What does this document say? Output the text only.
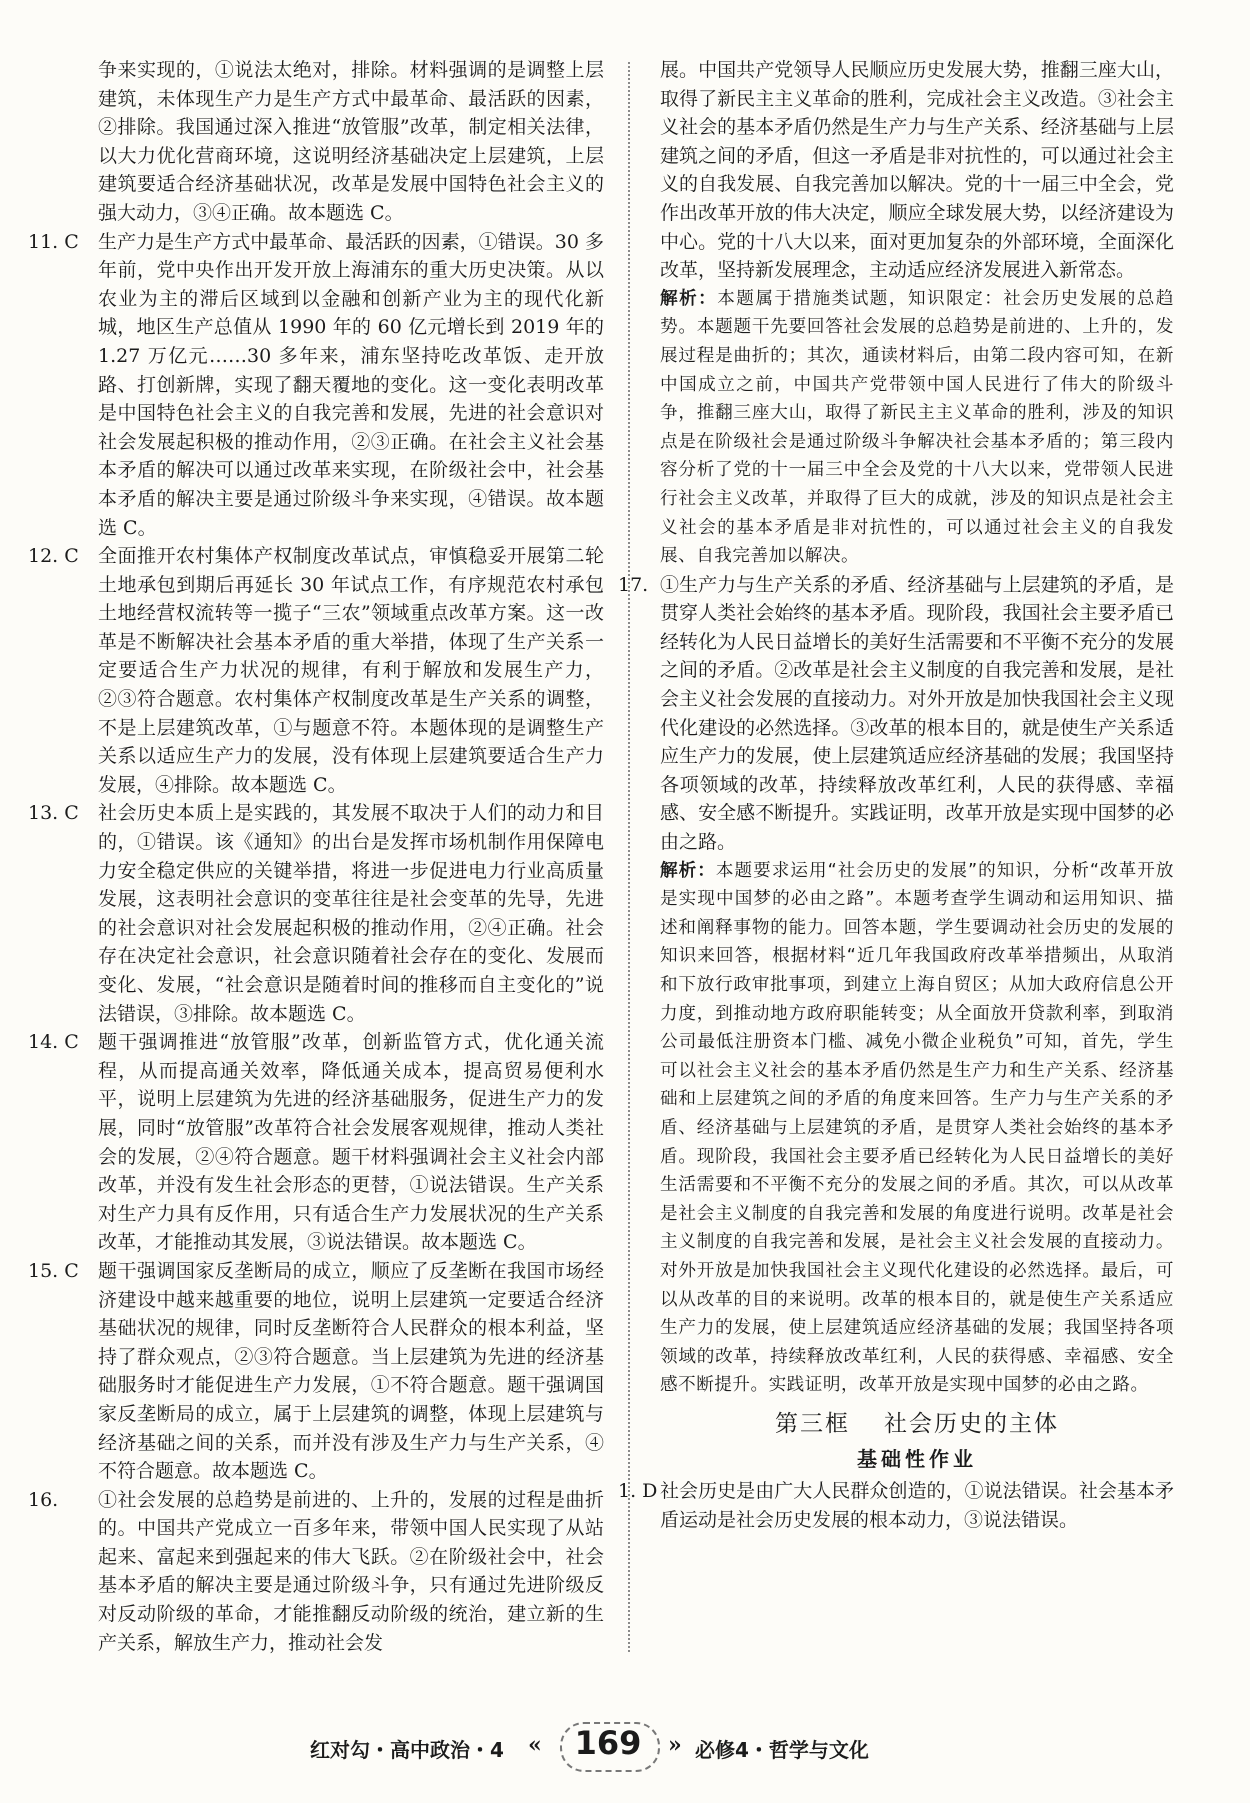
争来实现的，①说法太绝对，排除。材料强调的是调整上层建筑，未体现生产力是生产方式中最革命、最活跃的因素，②排除。我国通过深入推进“放管服”改革，制定相关法律，以大力优化营商环境，这说明经济基础决定上层建筑，上层建筑要适合经济基础状况，改革是发展中国特色社会主义的强大动力，③④正确。故本题选 C。
11. C	生产力是生产方式中最革命、最活跃的因素，①错误。30 多年前，党中央作出开发开放上海浦东的重大历史决策。从以农业为主的滞后区域到以金融和创新产业为主的现代化新城，地区生产总值从 1990 年的 60 亿元增长到 2019 年的 1.27 万亿元……30 多年来，浦东坚持吃改革饭、走开放路、打创新牌，实现了翻天覆地的变化。这一变化表明改革是中国特色社会主义的自我完善和发展，先进的社会意识对社会发展起积极的推动作用，②③正确。在社会主义社会基本矛盾的解决可以通过改革来实现，在阶级社会中，社会基本矛盾的解决主要是通过阶级斗争来实现，④错误。故本题选 C。
12. C	全面推开农村集体产权制度改革试点，审慎稳妥开展第二轮土地承包到期后再延长 30 年试点工作，有序规范农村承包土地经营权流转等一揽子“三农”领域重点改革方案。这一改革是不断解决社会基本矛盾的重大举措，体现了生产关系一定要适合生产力状况的规律，有利于解放和发展生产力，②③符合题意。农村集体产权制度改革是生产关系的调整，不是上层建筑改革，①与题意不符。本题体现的是调整生产关系以适应生产力的发展，没有体现上层建筑要适合生产力发展，④排除。故本题选 C。
13. C	社会历史本质上是实践的，其发展不取决于人们的动力和目的，①错误。该《通知》的出台是发挥市场机制作用保障电力安全稳定供应的关键举措，将进一步促进电力行业高质量发展，这表明社会意识的变革往往是社会变革的先导，先进的社会意识对社会发展起积极的推动作用，②④正确。社会存在决定社会意识，社会意识随着社会存在的变化、发展而变化、发展，“社会意识是随着时间的推移而自主变化的”说法错误，③排除。故本题选 C。
14. C	题干强调推进“放管服”改革，创新监管方式，优化通关流程，从而提高通关效率，降低通关成本，提高贸易便利水平，说明上层建筑为先进的经济基础服务，促进生产力的发展，同时“放管服”改革符合社会发展客观规律，推动人类社会的发展，②④符合题意。题干材料强调社会主义社会内部改革，并没有发生社会形态的更替，①说法错误。生产关系对生产力具有反作用，只有适合生产力发展状况的生产关系改革，才能推动其发展，③说法错误。故本题选 C。
15. C	题干强调国家反垄断局的成立，顺应了反垄断在我国市场经济建设中越来越重要的地位，说明上层建筑一定要适合经济基础状况的规律，同时反垄断符合人民群众的根本利益，坚持了群众观点，②③符合题意。当上层建筑为先进的经济基础服务时才能促进生产力发展，①不符合题意。题干强调国家反垄断局的成立，属于上层建筑的调整，体现上层建筑与经济基础之间的关系，而并没有涉及生产力与生产关系，④不符合题意。故本题选 C。
16.	①社会发展的总趋势是前进的、上升的，发展的过程是曲折的。中国共产党成立一百多年来，带领中国人民实现了从站起来、富起来到强起来的伟大飞跃。②在阶级社会中，社会基本矛盾的解决主要是通过阶级斗争，只有通过先进阶级反对反动阶级的革命，才能推翻反动阶级的统治，建立新的生产关系，解放生产力，推动社会发
展。中国共产党领导人民顺应历史发展大势，推翻三座大山，取得了新民主主义革命的胜利，完成社会主义改造。③社会主义社会的基本矛盾仍然是生产力与生产关系、经济基础与上层建筑之间的矛盾，但这一矛盾是非对抗性的，可以通过社会主义的自我发展、自我完善加以解决。党的十一届三中全会，党作出改革开放的伟大决定，顺应全球发展大势，以经济建设为中心。党的十八大以来，面对更加复杂的外部环境，全面深化改革，坚持新发展理念，主动适应经济发展进入新常态。
解析：本题属于措施类试题，知识限定：社会历史发展的总趋势。本题题干先要回答社会发展的总趋势是前进的、上升的，发展过程是曲折的；其次，通读材料后，由第二段内容可知，在新中国成立之前，中国共产党带领中国人民进行了伟大的阶级斗争，推翻三座大山，取得了新民主主义革命的胜利，涉及的知识点是在阶级社会是通过阶级斗争解决社会基本矛盾的；第三段内容分析了党的十一届三中全会及党的十八大以来，党带领人民进行社会主义改革，并取得了巨大的成就，涉及的知识点是社会主义社会的基本矛盾是非对抗性的，可以通过社会主义的自我发展、自我完善加以解决。
17. ①生产力与生产关系的矛盾、经济基础与上层建筑的矛盾，是贯穿人类社会始终的基本矛盾。现阶段，我国社会主要矛盾已经转化为人民日益增长的美好生活需要和不平衡不充分的发展之间的矛盾。②改革是社会主义制度的自我完善和发展，是社会主义社会发展的直接动力。对外开放是加快我国社会主义现代化建设的必然选择。③改革的根本目的，就是使生产关系适应生产力的发展，使上层建筑适应经济基础的发展；我国坚持各项领域的改革，持续释放改革红利，人民的获得感、幸福感、安全感不断提升。实践证明，改革开放是实现中国梦的必由之路。
解析：本题要求运用“社会历史的发展”的知识，分析“改革开放是实现中国梦的必由之路”。本题考查学生调动和运用知识、描述和阐释事物的能力。回答本题，学生要调动社会历史的发展的知识来回答，根据材料“近几年我国政府改革举措频出，从取消和下放行政审批事项，到建立上海自贸区；从加大政府信息公开力度，到推动地方政府职能转变；从全面放开贷款利率，到取消公司最低注册资本门槛、减免小微企业税负”可知，首先，学生可以社会主义社会的基本矛盾仍然是生产力和生产关系、经济基础和上层建筑之间的矛盾的角度来回答。生产力与生产关系的矛盾、经济基础与上层建筑的矛盾，是贯穿人类社会始终的基本矛盾。现阶段，我国社会主要矛盾已经转化为人民日益增长的美好生活需要和不平衡不充分的发展之间的矛盾。其次，可以从改革是社会主义制度的自我完善和发展的角度进行说明。改革是社会主义制度的自我完善和发展，是社会主义社会发展的直接动力。对外开放是加快我国社会主义现代化建设的必然选择。最后，可以从改革的目的来说明。改革的根本目的，就是使生产关系适应生产力的发展，使上层建筑适应经济基础的发展；我国坚持各项领域的改革，持续释放改革红利，人民的获得感、幸福感、安全感不断提升。实践证明，改革开放是实现中国梦的必由之路。
第三框 社会历史的主体
基础性作业
1. D 社会历史是由广大人民群众创造的，①说法错误。社会基本矛盾运动是社会历史发展的根本动力，③说法错误。
红对勾・高中政治・4 «	169	» 必修4・哲学与文化
